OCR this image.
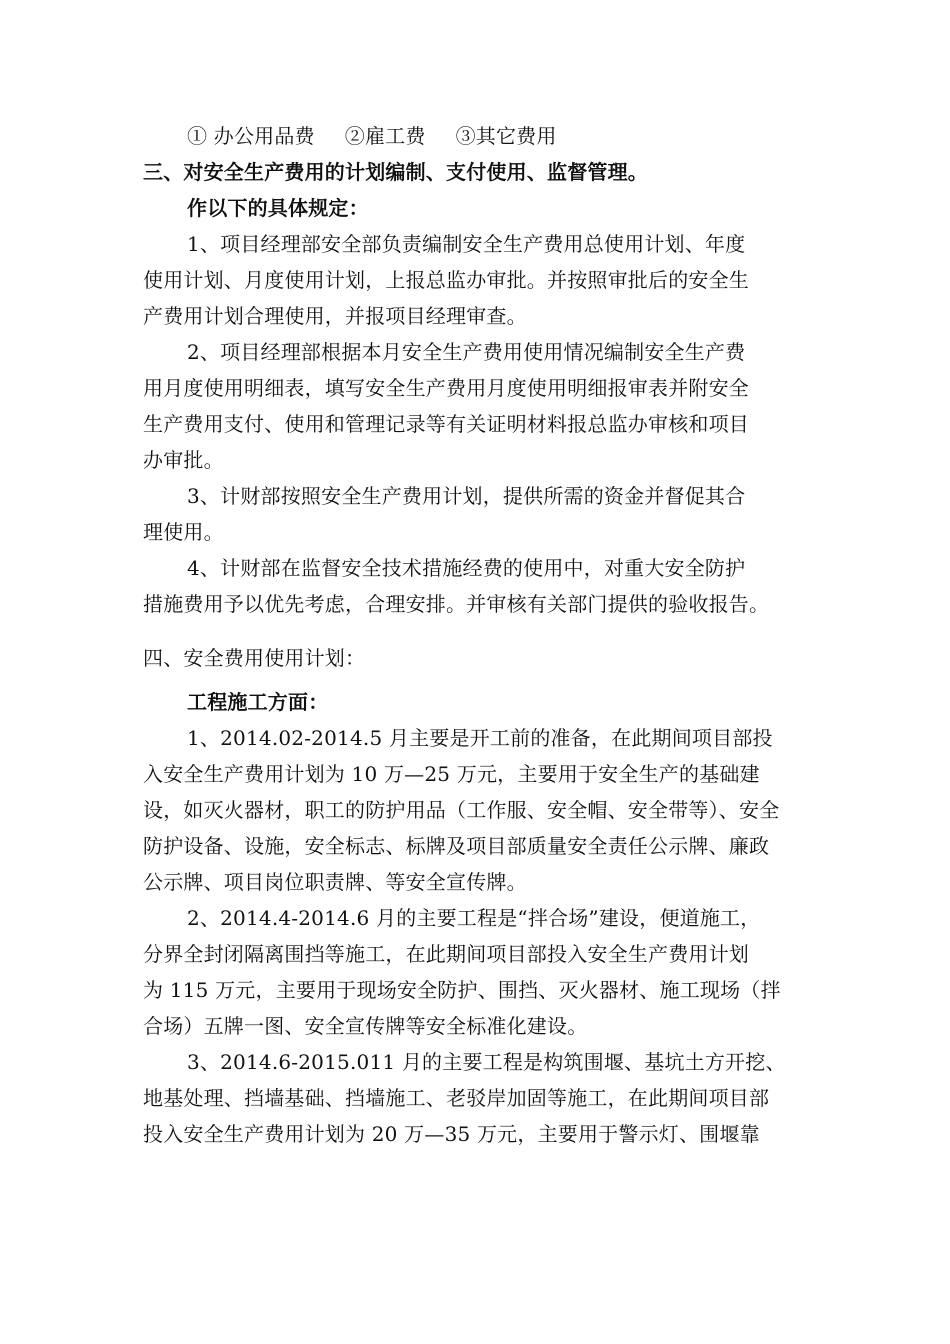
① 办公用品费 ②雇工费 ③其它费用
三、对安全生产费用的计划编制、支付使用、监督管理。
作以下的具体规定：
1、项目经理部安全部负责编制安全生产费用总使用计划、年度
使用计划、月度使用计划，上报总监办审批。并按照审批后的安全生
产费用计划合理使用，并报项目经理审查。
2、项目经理部根据本月安全生产费用使用情况编制安全生产费
用月度使用明细表，填写安全生产费用月度使用明细报审表并附安全
生产费用支付、使用和管理记录等有关证明材料报总监办审核和项目
办审批。
3、计财部按照安全生产费用计划，提供所需的资金并督促其合
理使用。
4、计财部在监督安全技术措施经费的使用中，对重大安全防护
措施费用予以优先考虑，合理安排。并审核有关部门提供的验收报告。
四、安全费用使用计划：
工程施工方面：
1、2014.02-2014.5 月主要是开工前的准备，在此期间项目部投
入安全生产费用计划为 10 万—25 万元，主要用于安全生产的基础建
设，如灭火器材，职工的防护用品（工作服、安全帽、安全带等）、安全
防护设备、设施，安全标志、标牌及项目部质量安全责任公示牌、廉政
公示牌、项目岗位职责牌、等安全宣传牌。
2、2014.4-2014.6 月的主要工程是“拌合场”建设，便道施工，
分界全封闭隔离围挡等施工，在此期间项目部投入安全生产费用计划
为 115 万元，主要用于现场安全防护、围挡、灭火器材、施工现场（拌
合场）五牌一图、安全宣传牌等安全标准化建设。
3、2014.6-2015.011 月的主要工程是构筑围堰、基坑土方开挖、
地基处理、挡墙基础、挡墙施工、老驳岸加固等施工，在此期间项目部
投入安全生产费用计划为 20 万—35 万元，主要用于警示灯、围堰靠
